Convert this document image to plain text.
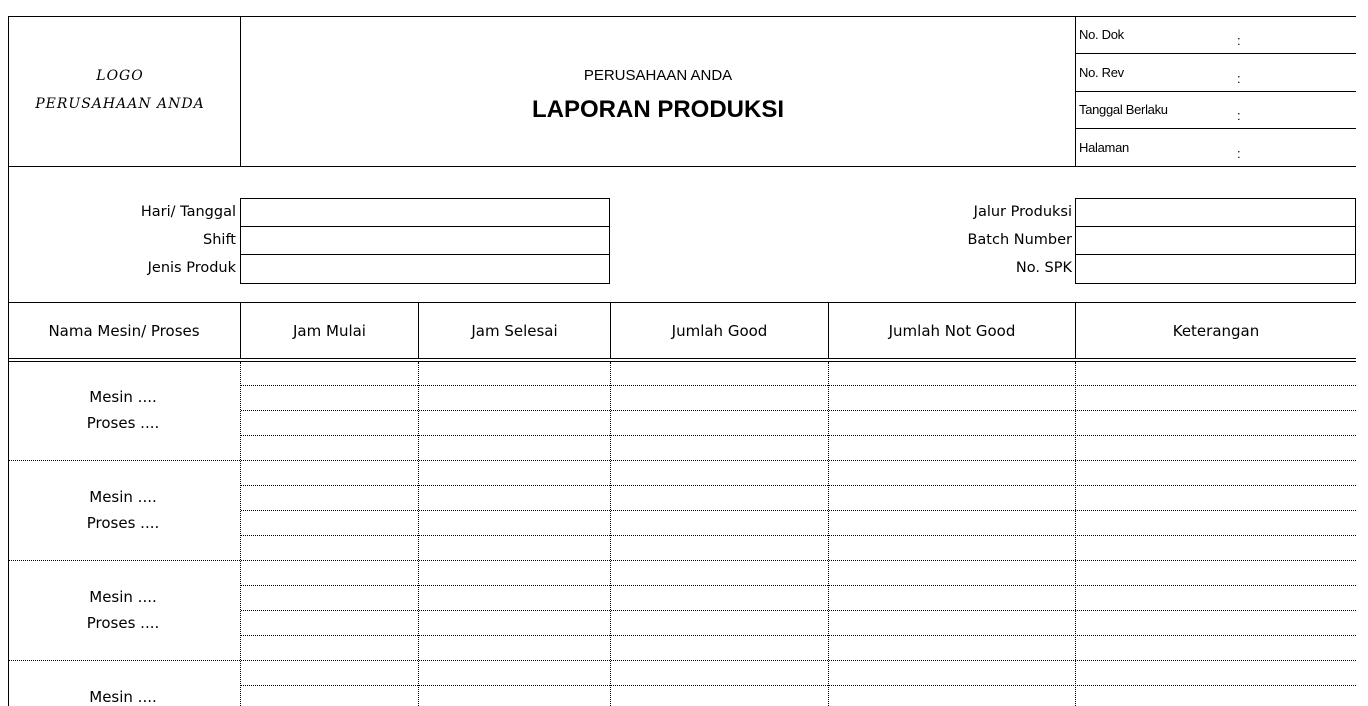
LOGO
PERUSAHAAN ANDA
PERUSAHAAN ANDA
LAPORAN PRODUKSI
No. Dok	:
No. Rev	:
Tanggal Berlaku	:
Halaman	:
Hari/ Tanggal
Shift
Jenis Produk
Jalur Produksi
Batch Number
No. SPK
Nama Mesin/ Proses	Jam Mulai	Jam Selesai	Jumlah Good	Jumlah Not Good	Keterangan
Mesin ....
Proses ....
Mesin ....
Proses ....
Mesin ....
Proses ....
Mesin ....
